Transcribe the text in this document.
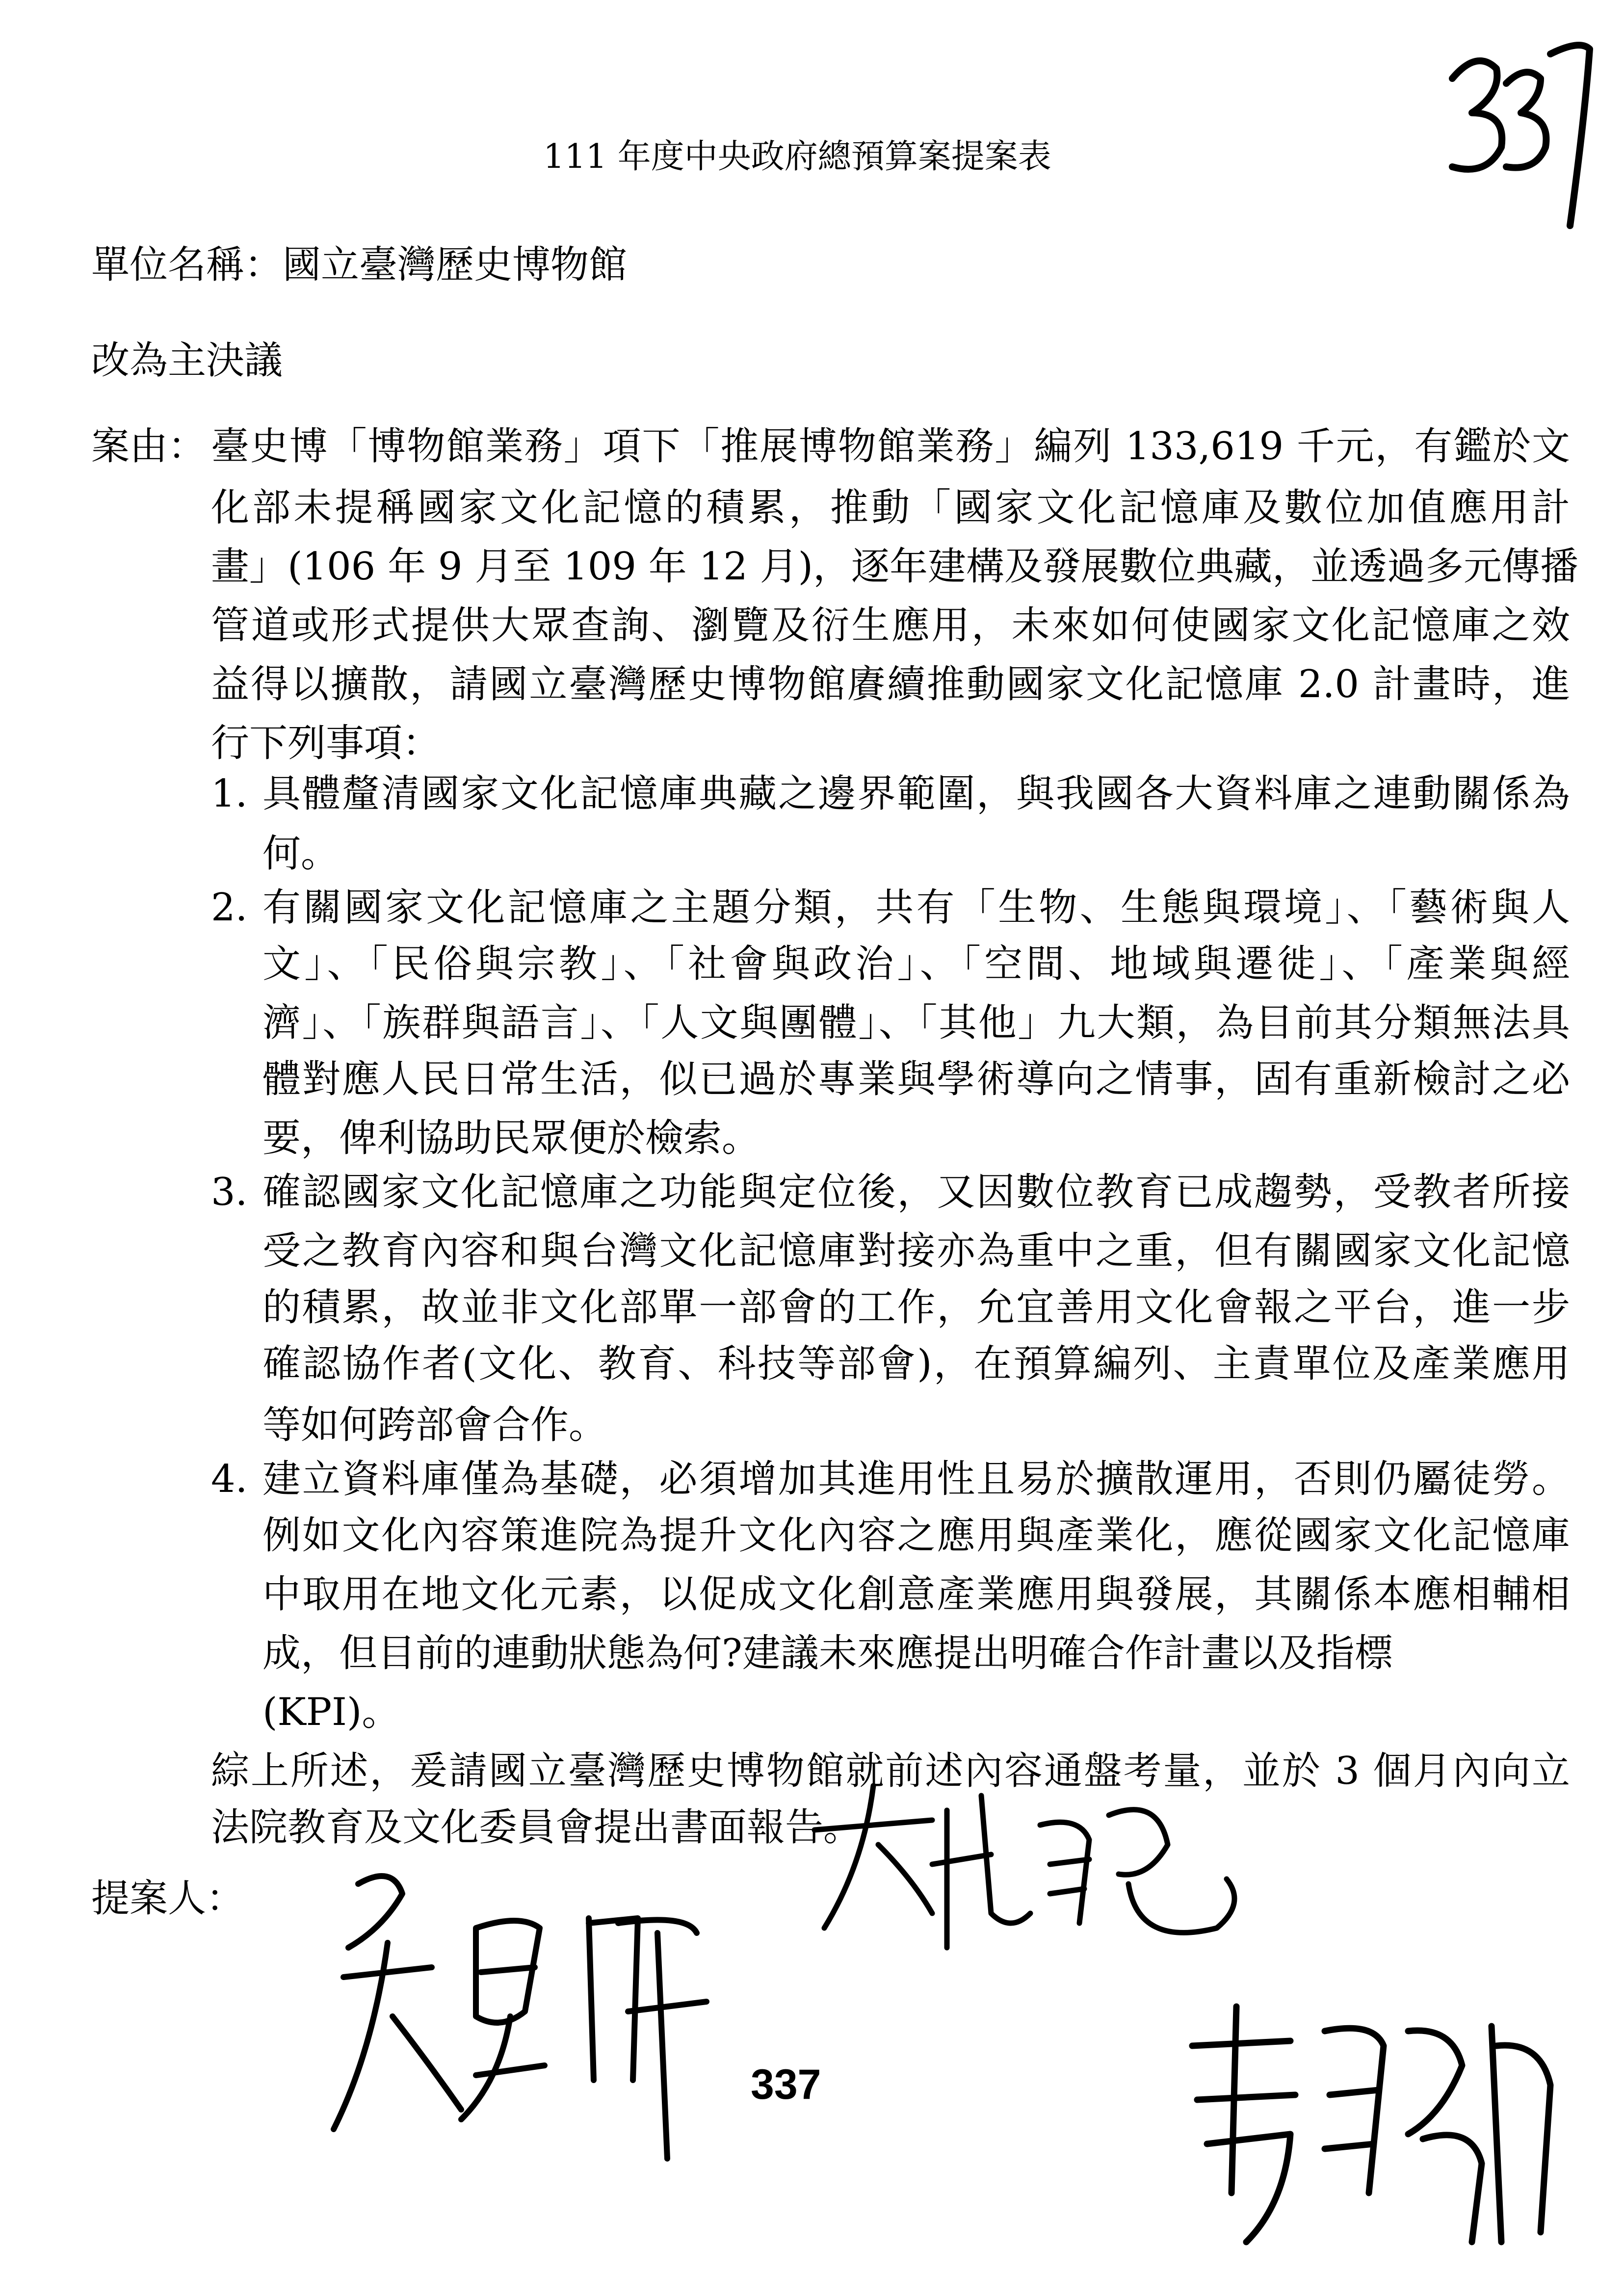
111 年度中央政府總預算案提案表
單位名稱：國立臺灣歷史博物館
改為主決議
案由： 臺史博「博物館業務」項下「推展博物館業務」編列 133,619 千元，有鑑於文
化部未提稱國家文化記憶的積累，推動「國家文化記憶庫及數位加值應用計
畫」(106 年 9 月至 109 年 12 月)，逐年建構及發展數位典藏，並透過多元傳播
管道或形式提供大眾查詢、瀏覽及衍生應用，未來如何使國家文化記憶庫之效
益得以擴散，請國立臺灣歷史博物館賡續推動國家文化記憶庫 2.0 計畫時，進
行下列事項：
1. 具體釐清國家文化記憶庫典藏之邊界範圍，與我國各大資料庫之連動關係為
何。
2. 有關國家文化記憶庫之主題分類，共有「生物、生態與環境」、「藝術與人
文」、「民俗與宗教」、「社會與政治」、「空間、地域與遷徙」、「產業與經
濟」、「族群與語言」、「人文與團體」、「其他」九大類，為目前其分類無法具
體對應人民日常生活，似已過於專業與學術導向之情事，固有重新檢討之必
要，俾利協助民眾便於檢索。
3. 確認國家文化記憶庫之功能與定位後，又因數位教育已成趨勢，受教者所接
受之教育內容和與台灣文化記憶庫對接亦為重中之重，但有關國家文化記憶
的積累，故並非文化部單一部會的工作，允宜善用文化會報之平台，進一步
確認協作者(文化、教育、科技等部會)，在預算編列、主責單位及產業應用
等如何跨部會合作。
4. 建立資料庫僅為基礎，必須增加其進用性且易於擴散運用，否則仍屬徒勞。
例如文化內容策進院為提升文化內容之應用與產業化，應從國家文化記憶庫
中取用在地文化元素，以促成文化創意產業應用與發展，其關係本應相輔相
成，但目前的連動狀態為何?建議未來應提出明確合作計畫以及指標
(KPI)。
綜上所述，爰請國立臺灣歷史博物館就前述內容通盤考量，並於 3 個月內向立
法院教育及文化委員會提出書面報告。
提案人：
337
